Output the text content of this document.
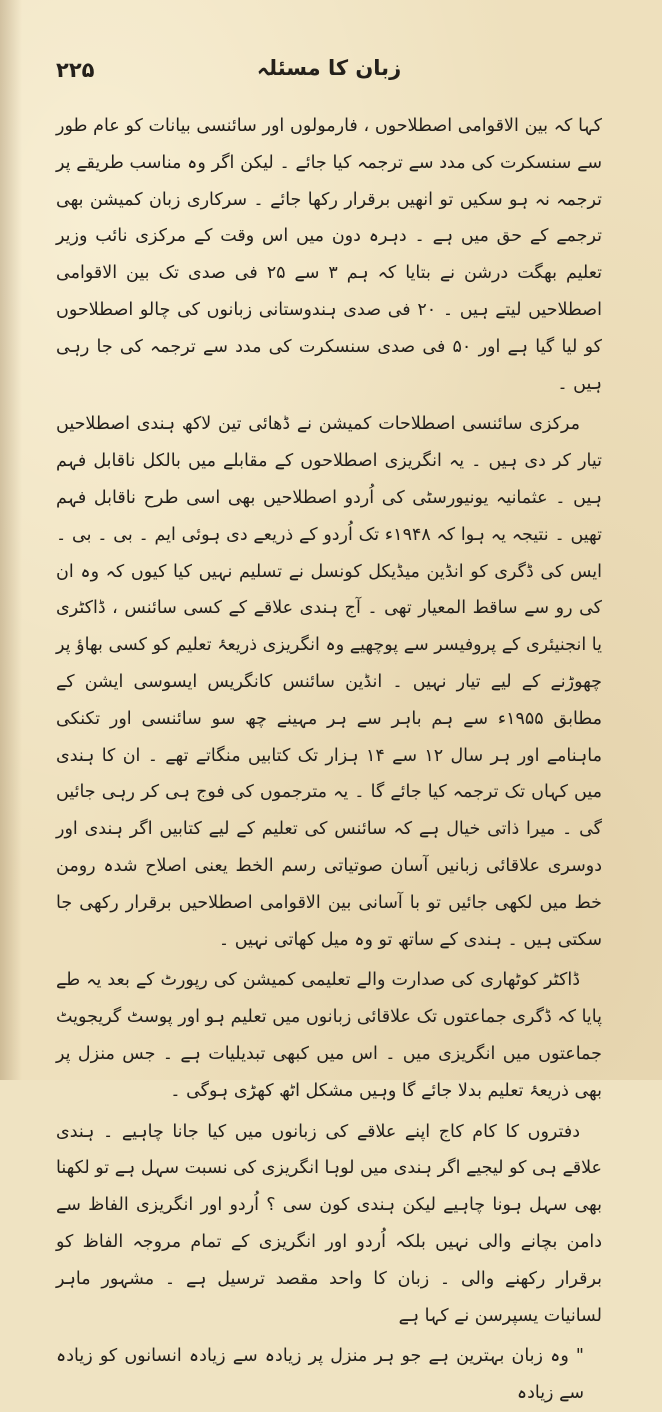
۲۲۵	زبان کا مسئلہ

کہا کہ بین الاقوامی اصطلاحوں ، فارمولوں اور سائنسی بیانات کو عام طور سے سنسکرت کی مدد سے ترجمہ کیا جائے ۔ لیکن اگر وہ مناسب طریقے پر ترجمہ نہ ہو سکیں تو انھیں برقرار رکھا جائے ۔ سرکاری زبان کمیشن بھی ترجمے کے حق میں ہے ۔ دہرہ دون میں اس وقت کے مرکزی نائب وزیر تعلیم بھگت درشن نے بتایا کہ ہم ۳ سے ۲۵ فی صدی تک بین الاقوامی اصطلاحیں لیتے ہیں ۔ ۲۰ فی صدی ہندوستانی زبانوں کی چالو اصطلاحوں کو لیا گیا ہے اور ۵۰ فی صدی سنسکرت کی مدد سے ترجمہ کی جا رہی ہیں ۔

مرکزی سائنسی اصطلاحات کمیشن نے ڈھائی تین لاکھ ہندی اصطلاحیں تیار کر دی ہیں ۔ یہ انگریزی اصطلاحوں کے مقابلے میں بالکل ناقابل فہم ہیں ۔ عثمانیہ یونیورسٹی کی اُردو اصطلاحیں بھی اسی طرح ناقابل فہم تھیں ۔ نتیجہ یہ ہوا کہ ۱۹۴۸ء تک اُردو کے ذریعے دی ہوئی ایم ۔ بی ۔ بی ۔ ایس کی ڈگری کو انڈین میڈیکل کونسل نے تسلیم نہیں کیا کیوں کہ وہ ان کی رو سے ساقط المعیار تھی ۔ آج ہندی علاقے کے کسی سائنس ، ڈاکٹری یا انجنیئری کے پروفیسر سے پوچھیے وہ انگریزی ذریعۂ تعلیم کو کسی بھاؤ پر چھوڑنے کے لیے تیار نہیں ۔ انڈین سائنس کانگریس ایسوسی ایشن کے مطابق ۱۹۵۵ء سے ہم باہر سے ہر مہینے چھ سو سائنسی اور تکنکی ماہنامے اور ہر سال ۱۲ سے ۱۴ ہزار تک کتابیں منگاتے تھے ۔ ان کا ہندی میں کہاں تک ترجمہ کیا جائے گا ۔ یہ مترجموں کی فوج ہی کر رہی جائیں گی ۔ میرا ذاتی خیال ہے کہ سائنس کی تعلیم کے لیے کتابیں اگر ہندی اور دوسری علاقائی زبانیں آسان صوتیاتی رسم الخط یعنی اصلاح شدہ رومن خط میں لکھی جائیں تو با آسانی بین الاقوامی اصطلاحیں برقرار رکھی جا سکتی ہیں ۔ ہندی کے ساتھ تو وہ میل کھاتی نہیں ۔

ڈاکٹر کوٹھاری کی صدارت والے تعلیمی کمیشن کی رپورٹ کے بعد یہ طے پایا کہ ڈگری جماعتوں تک علاقائی زبانوں میں تعلیم ہو اور پوسٹ گریجویٹ جماعتوں میں انگریزی میں ۔ اس میں کبھی تبدیلیات ہے ۔ جس منزل پر بھی ذریعۂ تعلیم بدلا جائے گا وہیں مشکل اٹھ کھڑی ہوگی ۔

دفتروں کا کام کاج اپنے علاقے کی زبانوں میں کیا جانا چاہیے ۔ ہندی علاقے ہی کو لیجیے اگر ہندی میں لوہا انگریزی کی نسبت سہل ہے تو لکھنا بھی سہل ہونا چاہیے لیکن ہندی کون سی ؟ اُردو اور انگریزی الفاظ سے دامن بچانے والی نہیں بلکہ اُردو اور انگریزی کے تمام مروجہ الفاظ کو برقرار رکھنے والی ۔ زبان کا واحد مقصد ترسیل ہے ۔ مشہور ماہر لسانیات یسپرسن نے کہا ہے

" وہ زبان بہترین ہے جو ہر منزل پر زیادہ سے زیادہ انسانوں کو زیادہ سے زیادہ
